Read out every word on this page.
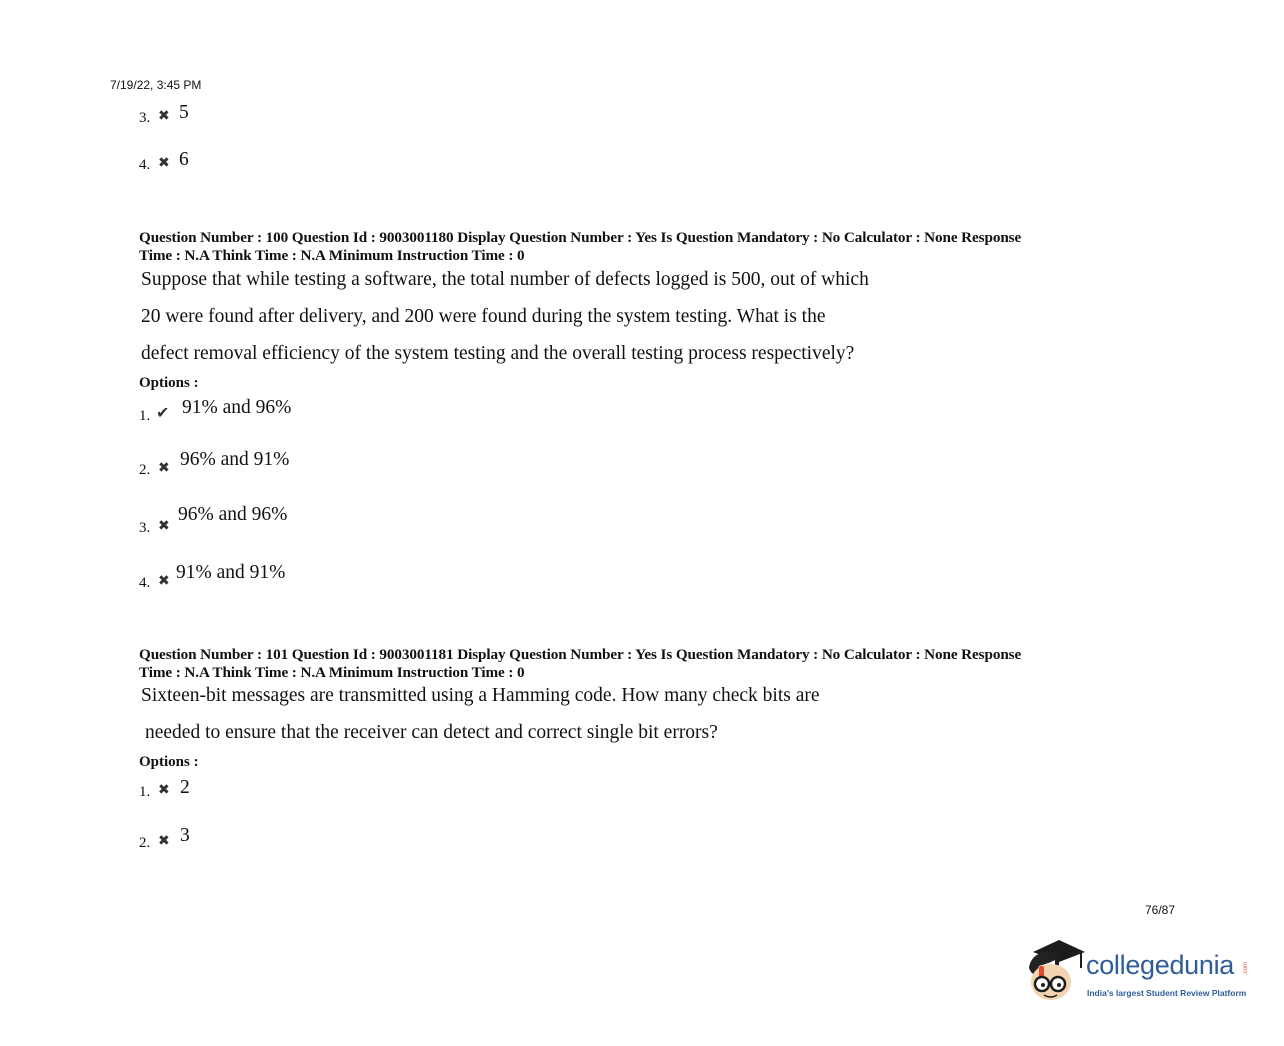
7/19/22, 3:45 PM
3. ✖ 5
4. ✖ 6
Question Number : 100 Question Id : 9003001180 Display Question Number : Yes Is Question Mandatory : No Calculator : None Response
Time : N.A Think Time : N.A Minimum Instruction Time : 0
Suppose that while testing a software, the total number of defects logged is 500, out of which
20 were found after delivery, and 200 were found during the system testing. What is the
defect removal efficiency of the system testing and the overall testing process respectively?
Options :
1. ✔ 91% and 96%
2. ✖ 96% and 91%
3. ✖
96% and 96%
4. ✖ 91% and 91%
Question Number : 101 Question Id : 9003001181 Display Question Number : Yes Is Question Mandatory : No Calculator : None Response
Time : N.A Think Time : N.A Minimum Instruction Time : 0
Sixteen-bit messages are transmitted using a Hamming code. How many check bits are
needed to ensure that the receiver can detect and correct single bit errors?
Options :
1. ✖ 2
2. ✖ 3
76/87
collegedunia .com
India's largest Student Review Platform
